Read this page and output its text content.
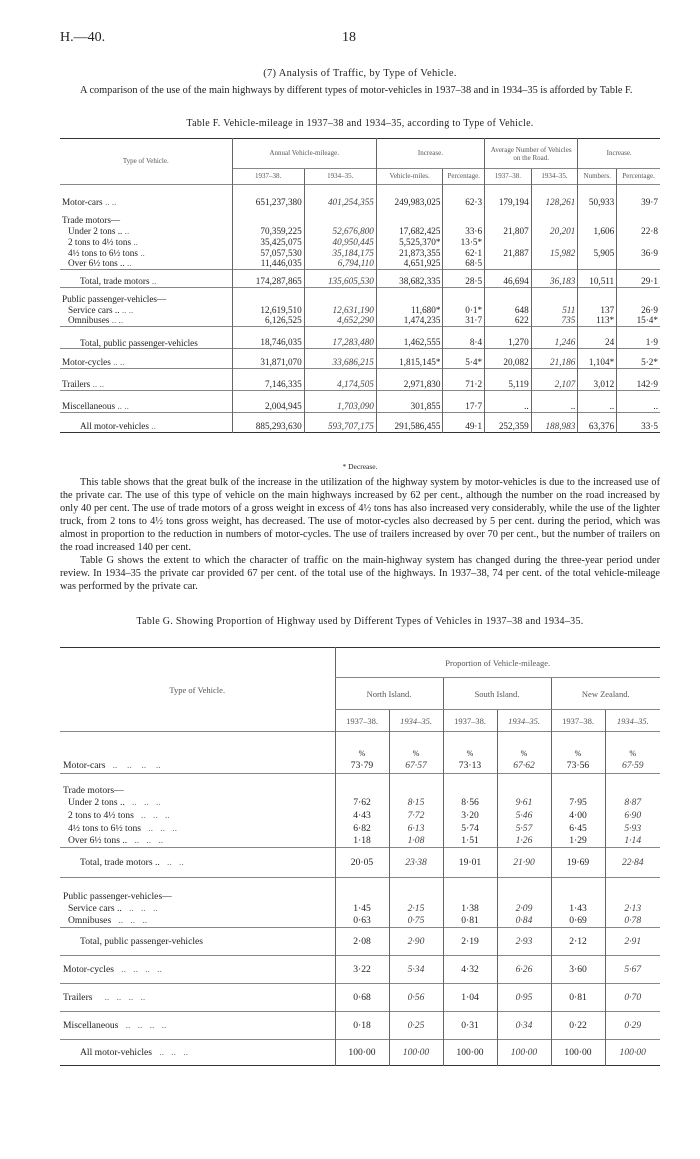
H.—40.	18
(7) Analysis of Traffic, by Type of Vehicle.

A comparison of the use of the main highways by different types of motor-vehicles in 1937–38 and in 1934–35 is afforded by Table F.

Table F. Vehicle-mileage in 1937–38 and 1934–35, according to Type of Vehicle.
Type of Vehicle.	Annual Vehicle-mileage.		Increase.		Average Number of Vehicles on the Road.		Increase.	
	1937–38.	1934–35.	Vehicle-miles.	Percentage.	1937–38.	1934–35.	Numbers.	Percentage.

Motor-cars .. ..	651,237,380	401,254,355	249,983,025	62·3	179,194	128,261	50,933	39·7

Trade motors—								
Under 2 tons .. ..	70,359,225	52,676,800	17,682,425	33·6	21,807	20,201	1,606	22·8
2 tons to 4½ tons ..	35,425,075	40,950,445	5,525,370*	13·5*				
4½ tons to 6½ tons ..	57,057,530	35,184,175	21,873,355	62·1	21,887	15,982	5,905	36·9
Over 6½ tons .. ..	11,446,035	6,794,110	4,651,925	68·5				
Total, trade motors ..	174,287,865	135,605,530	38,682,335	28·5	46,694	36,183	10,511	29·1

Public passenger-vehicles—								
Service cars .. .. ..	12,619,510	12,631,190	11,680*	0·1*	648	511	137	26·9
Omnibuses .. ..	6,126,525	4,652,290	1,474,235	31·7	622	735	113*	15·4*
Total, public passenger-vehicles	18,746,035	17,283,480	1,462,555	8·4	1,270	1,246	24	1·9
Motor-cycles .. ..	31,871,070	33,686,215	1,815,145*	5·4*	20,082	21,186	1,104*	5·2*
Trailers .. ..	7,146,335	4,174,505	2,971,830	71·2	5,119	2,107	3,012	142·9
Miscellaneous .. ..	2,004,945	1,703,090	301,855	17·7	..	..	..	..
All motor-vehicles ..	885,293,630	593,707,175	291,586,455	49·1	252,359	188,983	63,376	33·5
* Decrease.

This table shows that the great bulk of the increase in the utilization of the highway system by motor-vehicles is due to the increased use of the private car. The use of this type of vehicle on the main highways increased by 62 per cent., although the number on the road increased by only 40 per cent. The use of trade motors of a gross weight in excess of 4½ tons has also increased very considerably, while the use of the lighter truck, from 2 tons to 4½ tons gross weight, has decreased. The use of motor-cycles also decreased by 5 per cent. during the period, which was almost in proportion to the reduction in numbers of motor-cycles. The use of trailers increased by over 70 per cent., but the number of trailers on the road increased 140 per cent.

Table G shows the extent to which the character of traffic on the main-highway system has changed during the three-year period under review. In 1934–35 the private car provided 67 per cent. of the total use of the highways. In 1937–38, 74 per cent. of the total vehicle-mileage was performed by the private car.

Table G. Showing Proportion of Highway used by Different Types of Vehicles in 1937–38 and 1934–35.
Type of Vehicle.	Proportion of Vehicle-mileage.					
	North Island.		South Island.		New Zealand.	
	1937–38.	1934–35.	1937–38.	1934–35.	1937–38.	1934–35.
	%	%	%	%	%	%
Motor-cars   ..    ..    ..    ..	73·79	67·57	73·13	67·62	73·56	67·59
Trade motors—						
Under 2 tons ..   ..   ..   ..	7·62	8·15	8·56	9·61	7·95	8·87
2 tons to 4½ tons   ..   ..   ..	4·43	7·72	3·20	5·46	4·00	6·90
4½ tons to 6½ tons   ..   ..   ..	6·82	6·13	5·74	5·57	6·45	5·93
Over 6½ tons ..   ..   ..   ..	1·18	1·08	1·51	1·26	1·29	1·14
Total, trade motors ..   ..   ..	20·05	23·38	19·01	21·90	19·69	22·84
Public passenger-vehicles—						
Service cars ..   ..   ..   ..	1·45	2·15	1·38	2·09	1·43	2·13
Omnibuses   ..   ..   ..	0·63	0·75	0·81	0·84	0·69	0·78
Total, public passenger-vehicles	2·08	2·90	2·19	2·93	2·12	2·91
Motor-cycles   ..   ..   ..   ..	3·22	5·34	4·32	6·26	3·60	5·67
Trailers     ..   ..   ..   ..	0·68	0·56	1·04	0·95	0·81	0·70
Miscellaneous   ..   ..   ..   ..	0·18	0·25	0·31	0·34	0·22	0·29
All motor-vehicles   ..   ..   ..	100·00	100·00	100·00	100·00	100·00	100·00
